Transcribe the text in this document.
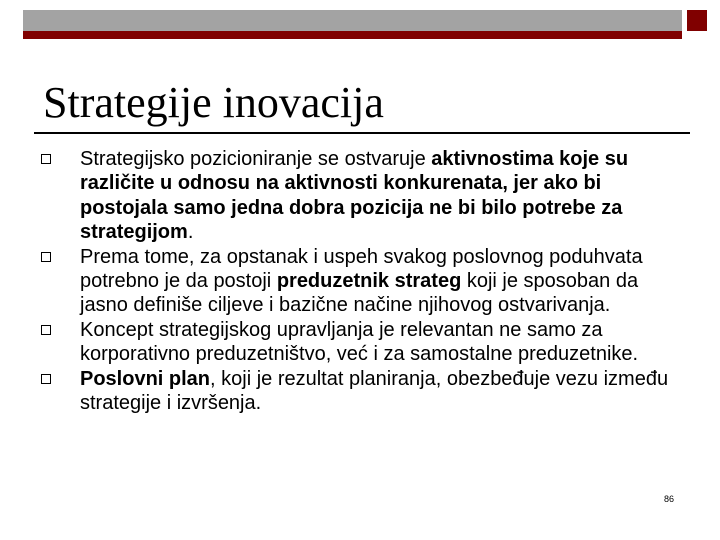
Strategije inovacija
Strategijsko pozicioniranje se ostvaruje aktivnostima koje su različite u odnosu na aktivnosti konkurenata, jer ako bi postojala samo jedna dobra pozicija ne bi bilo potrebe za strategijom.
Prema tome, za opstanak i uspeh svakog poslovnog poduhvata potrebno je da postoji preduzetnik strateg koji je sposoban da jasno definiše ciljeve i bazične načine njihovog ostvarivanja.
Koncept strategijskog upravljanja je relevantan ne samo za korporativno preduzetništvo, već i za samostalne preduzetnike.
Poslovni plan, koji je rezultat planiranja, obezbeđuje vezu između strategije i izvršenja.
86
